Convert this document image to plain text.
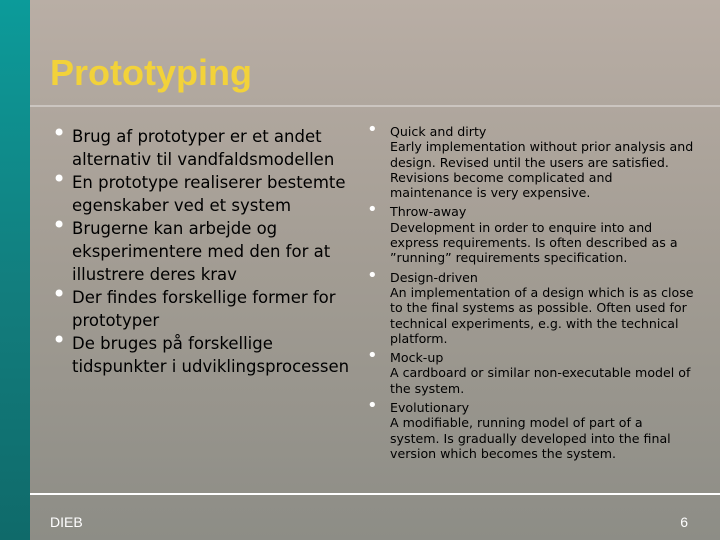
Prototyping
• Brug af prototyper er et andet alternativ til vandfaldsmodellen
• En prototype realiserer bestemte egenskaber ved et system
• Brugerne kan arbejde og eksperimentere med den for at illustrere deres krav
• Der findes forskellige former for prototyper
• De bruges på forskellige tidspunkter i udviklingsprocessen
• Quick and dirty
Early implementation without prior analysis and design. Revised until the users are satisfied. Revisions become complicated and maintenance is very expensive.
• Throw-away
Development in order to enquire into and express requirements. Is often described as a ”running” requirements specification.
• Design-driven
An implementation of a design which is as close to the final systems as possible. Often used for technical experiments, e.g. with the technical platform.
• Mock-up
A cardboard or similar non-executable model of the system.
• Evolutionary
A modifiable, running model of part of a system. Is gradually developed into the final version which becomes the system.
DIEB	6
